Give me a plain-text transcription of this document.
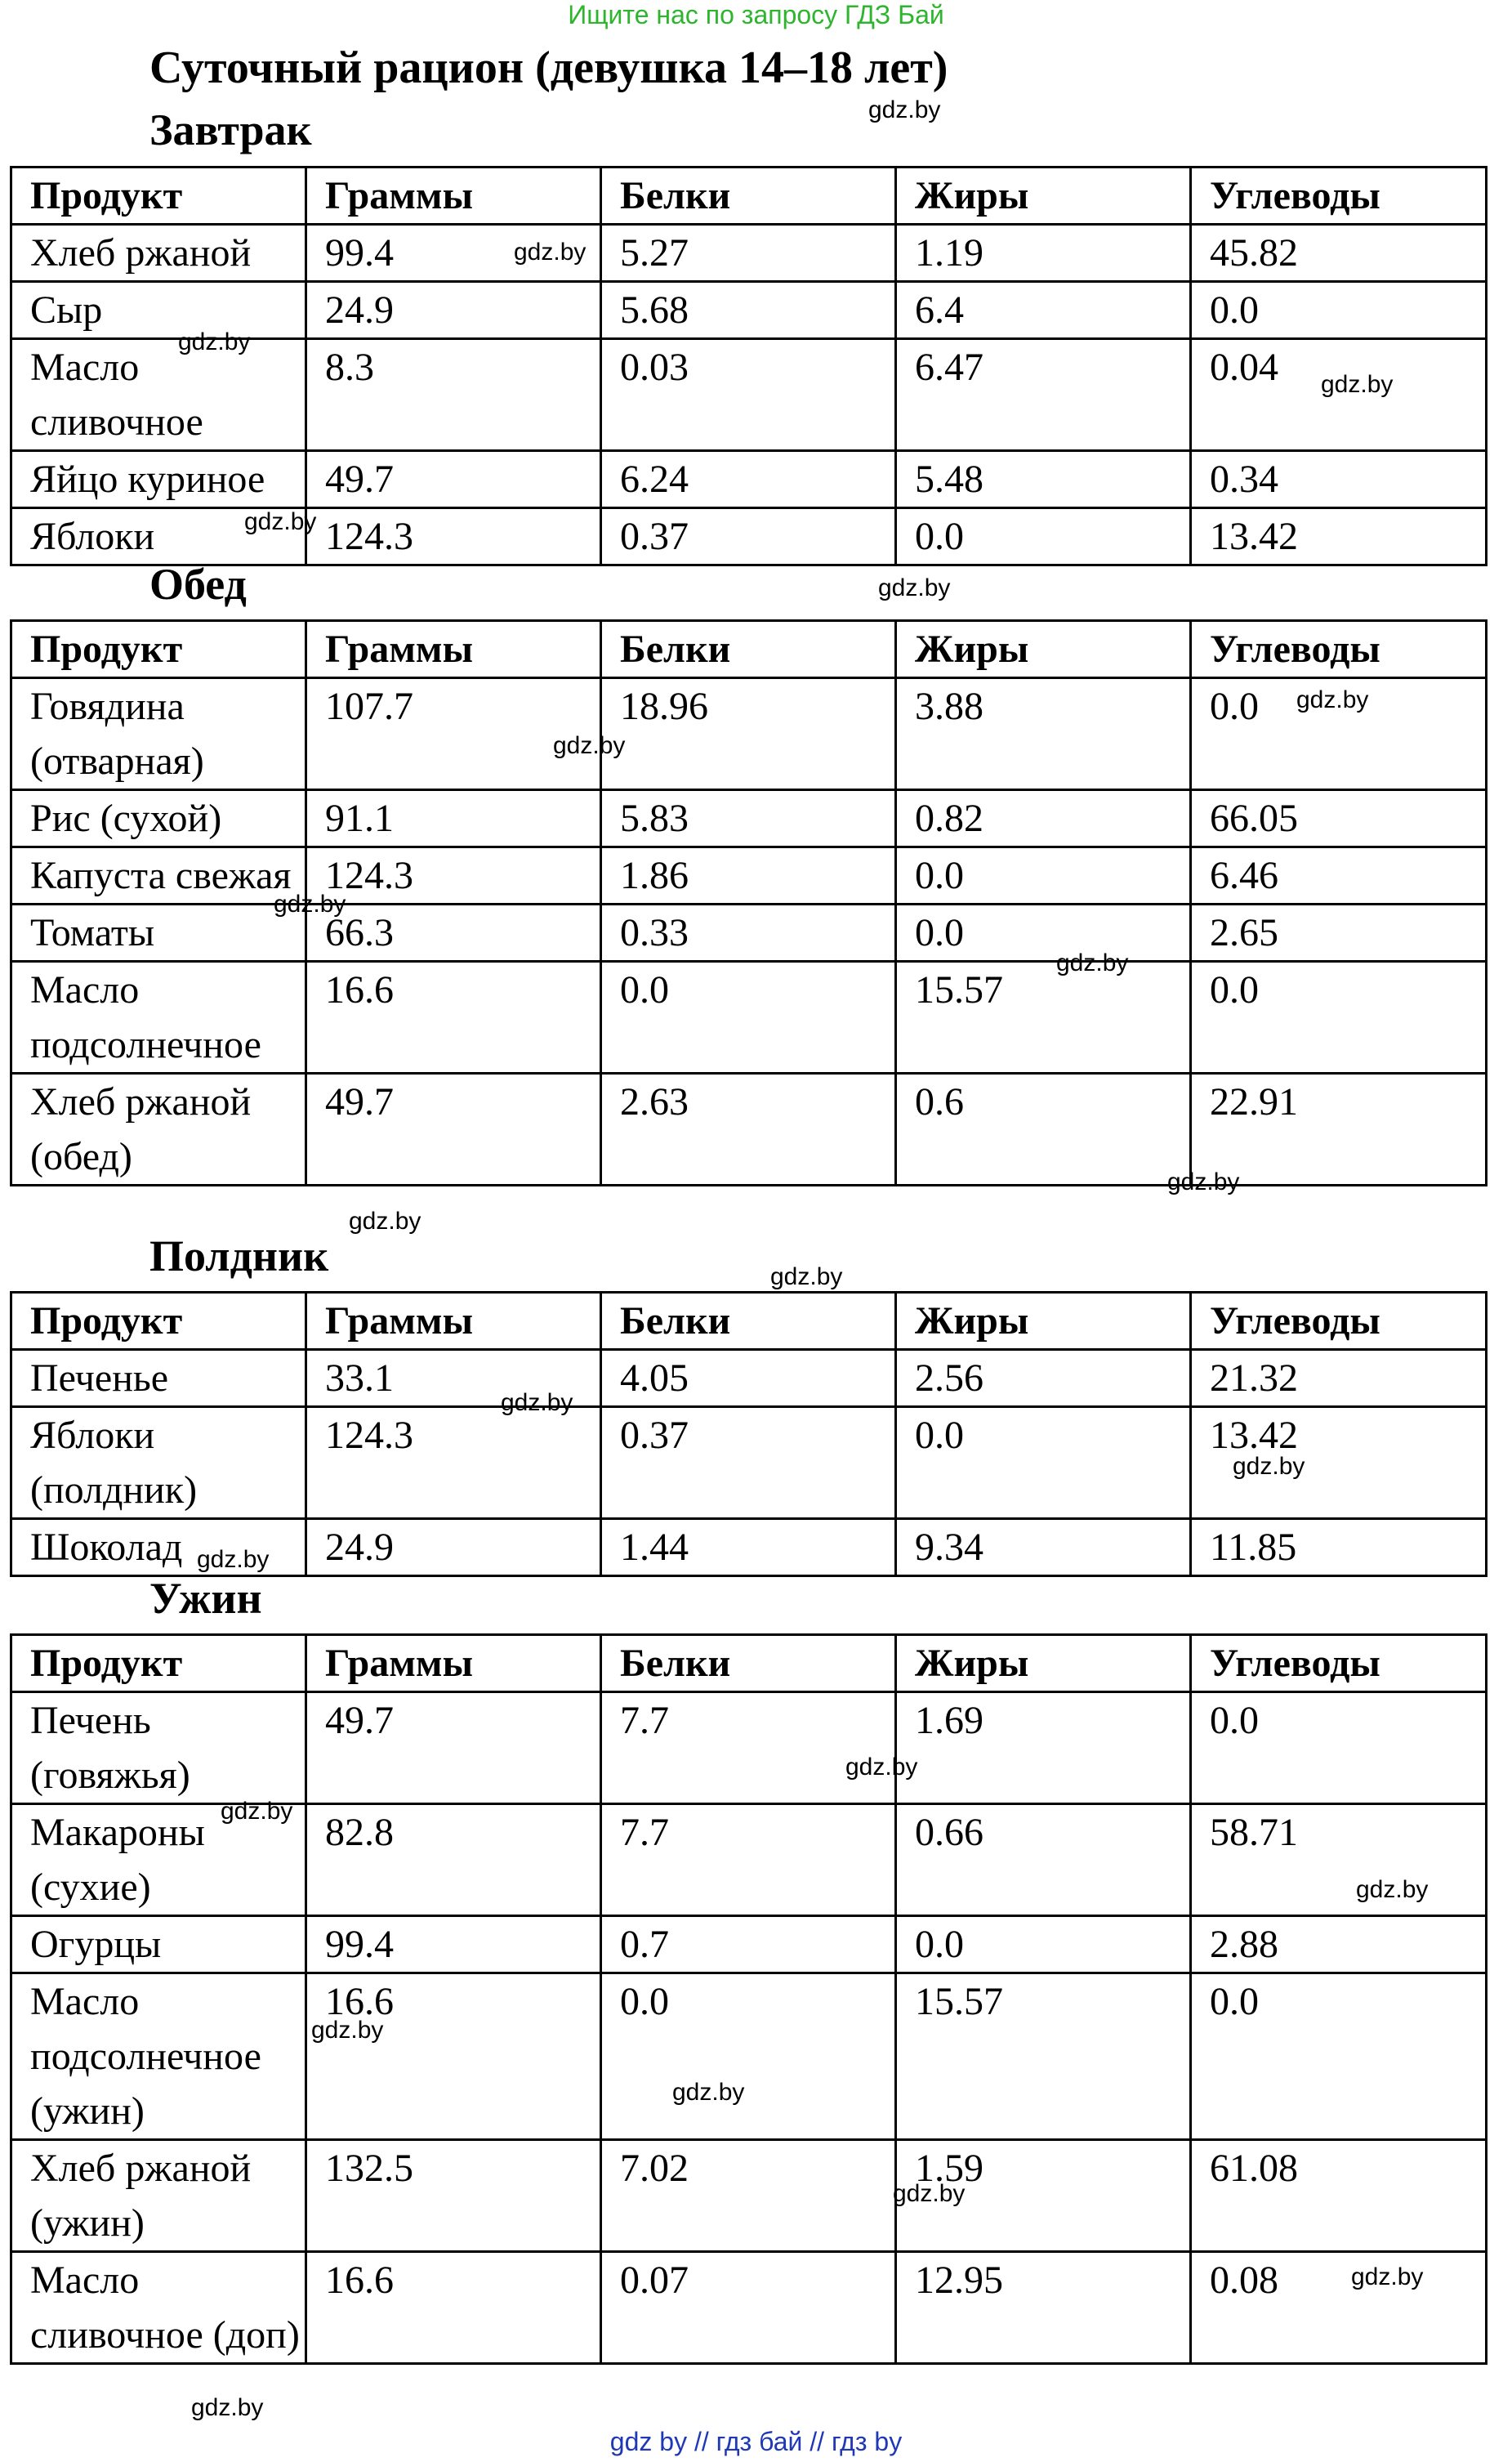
Ищите нас по запросу ГДЗ Бай
Суточный рацион (девушка 14–18 лет)
Завтрак
Продукт	Граммы	Белки	Жиры	Углеводы
Хлеб ржаной	99.4	5.27	1.19	45.82
Сыр	24.9	5.68	6.4	0.0
Масло сливочное	8.3	0.03	6.47	0.04
Яйцо куриное	49.7	6.24	5.48	0.34
Яблоки	124.3	0.37	0.0	13.42
Обед
Продукт	Граммы	Белки	Жиры	Углеводы
Говядина (отварная)	107.7	18.96	3.88	0.0
Рис (сухой)	91.1	5.83	0.82	66.05
Капуста свежая	124.3	1.86	0.0	6.46
Томаты	66.3	0.33	0.0	2.65
Масло подсолнечное	16.6	0.0	15.57	0.0
Хлеб ржаной (обед)	49.7	2.63	0.6	22.91
Полдник
Продукт	Граммы	Белки	Жиры	Углеводы
Печенье	33.1	4.05	2.56	21.32
Яблоки (полдник)	124.3	0.37	0.0	13.42
Шоколад	24.9	1.44	9.34	11.85
Ужин
Продукт	Граммы	Белки	Жиры	Углеводы
Печень (говяжья)	49.7	7.7	1.69	0.0
Макароны (сухие)	82.8	7.7	0.66	58.71
Огурцы	99.4	0.7	0.0	2.88
Масло подсолнечное (ужин)	16.6	0.0	15.57	0.0
Хлеб ржаной (ужин)	132.5	7.02	1.59	61.08
Масло сливочное (доп)	16.6	0.07	12.95	0.08
gdz.by
gdz.by
gdz.by
gdz.by
gdz.by
gdz.by
gdz.by
gdz.by
gdz.by
gdz.by
gdz.by
gdz.by
gdz.by
gdz.by
gdz.by
gdz.by
gdz.by
gdz.by
gdz.by
gdz.by
gdz.by
gdz.by
gdz.by
gdz.by
gdz by // гдз бай // гдз by
